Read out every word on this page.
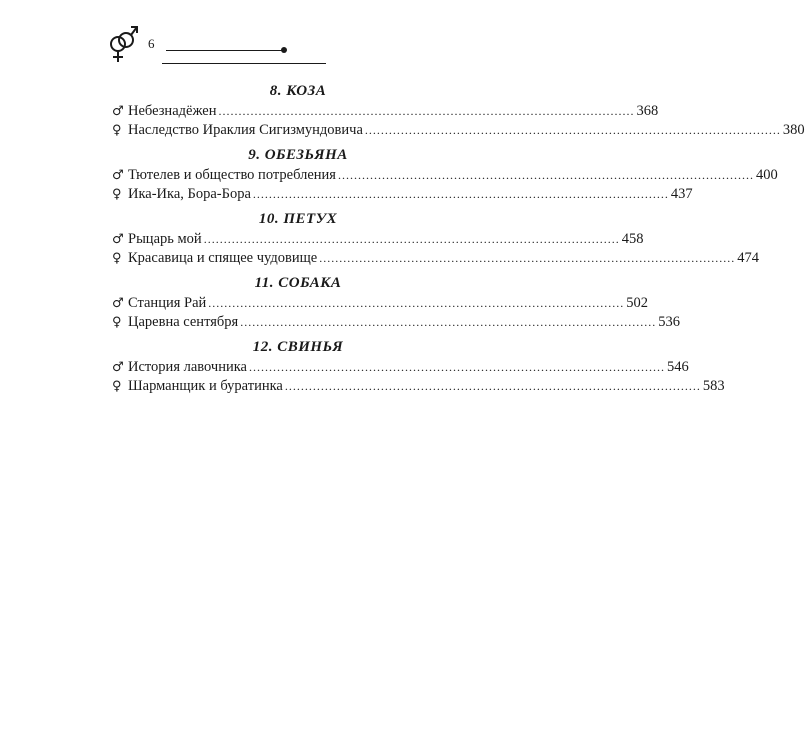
6
8. КОЗА
♂ Небезнадёжен ........................................................................................................ 368
♀ Наследство Ираклия Сигизмундовича ........................................................................................................ 380
9. ОБЕЗЬЯНА
♂ Тютелев и общество потребления ........................................................................................................ 400
♀ Ика-Ика, Бора-Бора ........................................................................................................ 437
10. ПЕТУХ
♂ Рыцарь мой ........................................................................................................ 458
♀ Красавица и спящее чудовище ........................................................................................................ 474
11. СОБАКА
♂ Станция Рай ........................................................................................................ 502
♀ Царевна сентября ........................................................................................................ 536
12. СВИНЬЯ
♂ История лавочника ........................................................................................................ 546
♀ Шарманщик и буратинка ........................................................................................................ 583
